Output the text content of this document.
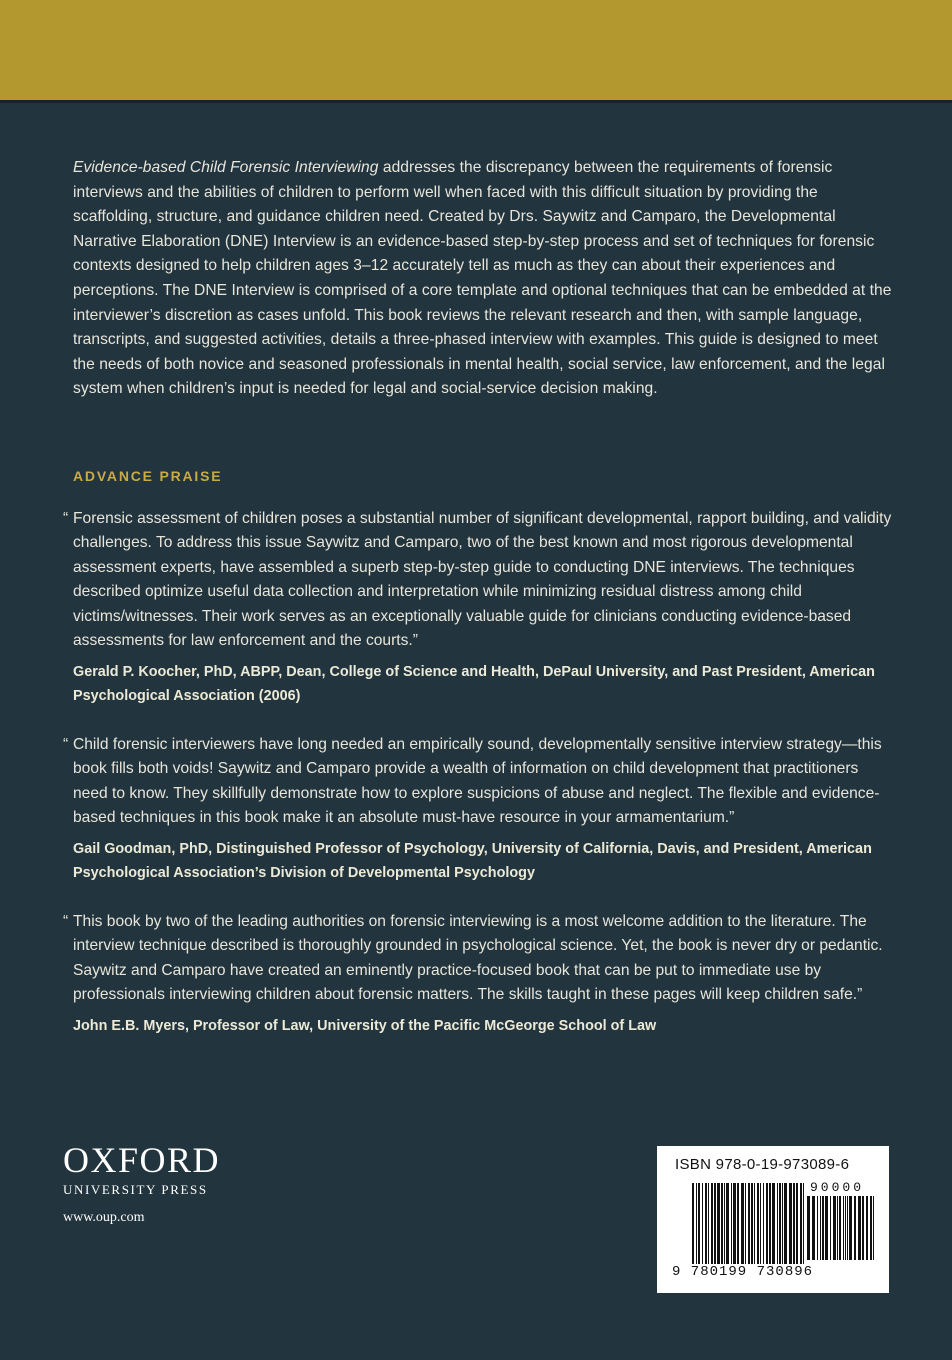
Evidence-based Child Forensic Interviewing addresses the discrepancy between the requirements of forensic interviews and the abilities of children to perform well when faced with this difficult situation by providing the scaffolding, structure, and guidance children need. Created by Drs. Saywitz and Camparo, the Developmental Narrative Elaboration (DNE) Interview is an evidence-based step-by-step process and set of techniques for forensic contexts designed to help children ages 3–12 accurately tell as much as they can about their experiences and perceptions. The DNE Interview is comprised of a core template and optional techniques that can be embedded at the interviewer’s discretion as cases unfold. This book reviews the relevant research and then, with sample language, transcripts, and suggested activities, details a three-phased interview with examples. This guide is designed to meet the needs of both novice and seasoned professionals in mental health, social service, law enforcement, and the legal system when children’s input is needed for legal and social-service decision making.

ADVANCE PRAISE
“ Forensic assessment of children poses a substantial number of significant developmental, rapport building, and validity challenges. To address this issue Saywitz and Camparo, two of the best known and most rigorous developmental assessment experts, have assembled a superb step-by-step guide to conducting DNE interviews. The techniques described optimize useful data collection and interpretation while minimizing residual distress among child victims/witnesses. Their work serves as an exceptionally valuable guide for clinicians conducting evidence-based assessments for law enforcement and the courts.”

Gerald P. Koocher, PhD, ABPP, Dean, College of Science and Health, DePaul University, and Past President, American Psychological Association (2006)

“ Child forensic interviewers have long needed an empirically sound, developmentally sensitive interview strategy—this book fills both voids! Saywitz and Camparo provide a wealth of information on child development that practitioners need to know. They skillfully demonstrate how to explore suspicions of abuse and neglect. The flexible and evidence-based techniques in this book make it an absolute must-have resource in your armamentarium.”

Gail Goodman, PhD, Distinguished Professor of Psychology, University of California, Davis, and President, American Psychological Association’s Division of Developmental Psychology

“ This book by two of the leading authorities on forensic interviewing is a most welcome addition to the literature. The interview technique described is thoroughly grounded in psychological science. Yet, the book is never dry or pedantic. Saywitz and Camparo have created an eminently practice-focused book that can be put to immediate use by professionals interviewing children about forensic matters. The skills taught in these pages will keep children safe.”

John E.B. Myers, Professor of Law, University of the Pacific McGeorge School of Law

OXFORD
UNIVERSITY PRESS
www.oup.com
ISBN 978-0-19-973089-6
90000
9 780199 730896
